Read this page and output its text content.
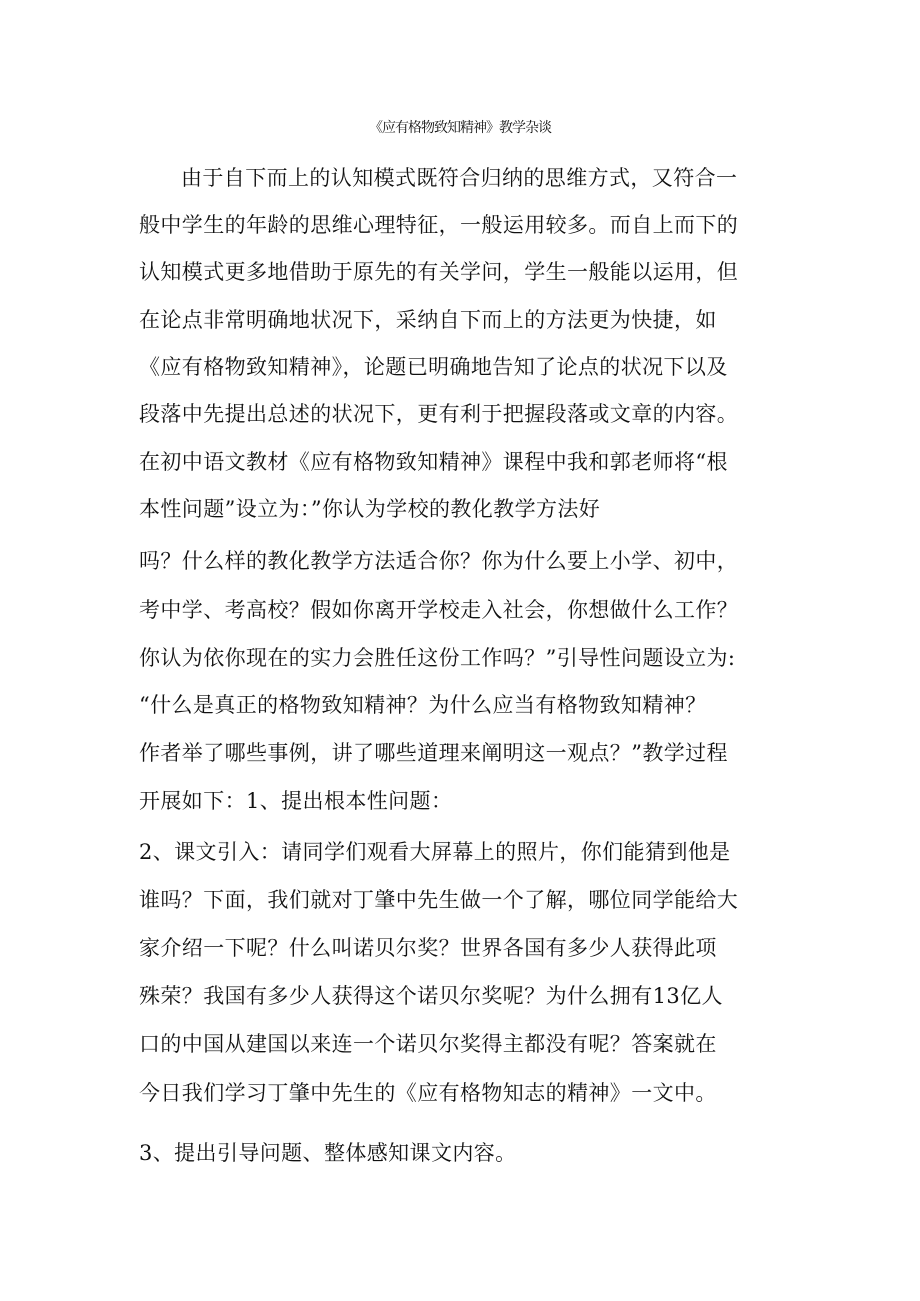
《应有格物致知精神》教学杂谈

由于自下而上的认知模式既符合归纳的思维方式，又符合一

般中学生的年龄的思维心理特征，一般运用较多。而自上而下的

认知模式更多地借助于原先的有关学问，学生一般能以运用，但

在论点非常明确地状况下，采纳自下而上的方法更为快捷，如

《应有格物致知精神》，论题已明确地告知了论点的状况下以及

段落中先提出总述的状况下，更有利于把握段落或文章的内容。

在初中语文教材《应有格物致知精神》课程中我和郭老师将“根

本性问题”设立为：”你认为学校的教化教学方法好

吗？什么样的教化教学方法适合你？你为什么要上小学、初中，

考中学、考高校？假如你离开学校走入社会，你想做什么工作？

你认为依你现在的实力会胜任这份工作吗？”引导性问题设立为:

“什么是真正的格物致知精神？为什么应当有格物致知精神？

作者举了哪些事例，讲了哪些道理来阐明这一观点？”教学过程

开展如下：1、提出根本性问题：

2、课文引入：请同学们观看大屏幕上的照片，你们能猜到他是

谁吗？下面，我们就对丁肇中先生做一个了解，哪位同学能给大

家介绍一下呢？什么叫诺贝尔奖？世界各国有多少人获得此项

殊荣？我国有多少人获得这个诺贝尔奖呢？为什么拥有13亿人

口的中国从建国以来连一个诺贝尔奖得主都没有呢？答案就在

今日我们学习丁肇中先生的《应有格物知志的精神》一文中。

3、提出引导问题、整体感知课文内容。
